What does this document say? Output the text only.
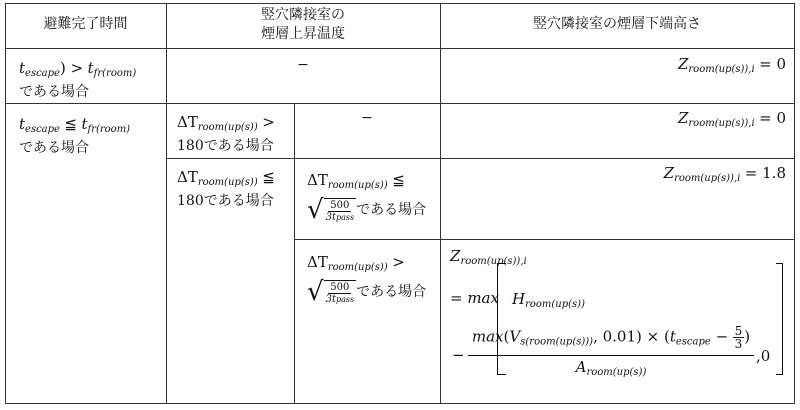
避難完了時間
竪穴隣接室の
煙層上昇温度
竪穴隣接室の煙層下端高さ
$t_{escape}) > t_{fr(room)}$
である場合
−	$Z_{room(up(s)),i} = 0$
$t_{escape}$ ≦ $t_{fr(room)}$
である場合
$\Delta T_{room(up(s))}$ >
180である場合
−	$Z_{room(up(s)),i} = 0$
$\Delta T_{room(up(s))}$ ≦
180である場合
$\Delta T_{room(up(s))}$ ≦
√ $\frac{500}{\text{3tpass}}$ である場合
$Z_{room(up(s)),i} = 1.8$
$\Delta T_{room(up(s))}$ >
√ $\frac{500}{\text{3tpass}}$ である場合
$Z_{room(up(s)),i}$
= $\max H_{room(up(s))}$
−
$\max(V_{s(room(up(s)))}$, $0.01) \times (t_{escape} - \frac{5}{3}$ )
$A_{room(up(s))}$
,0
